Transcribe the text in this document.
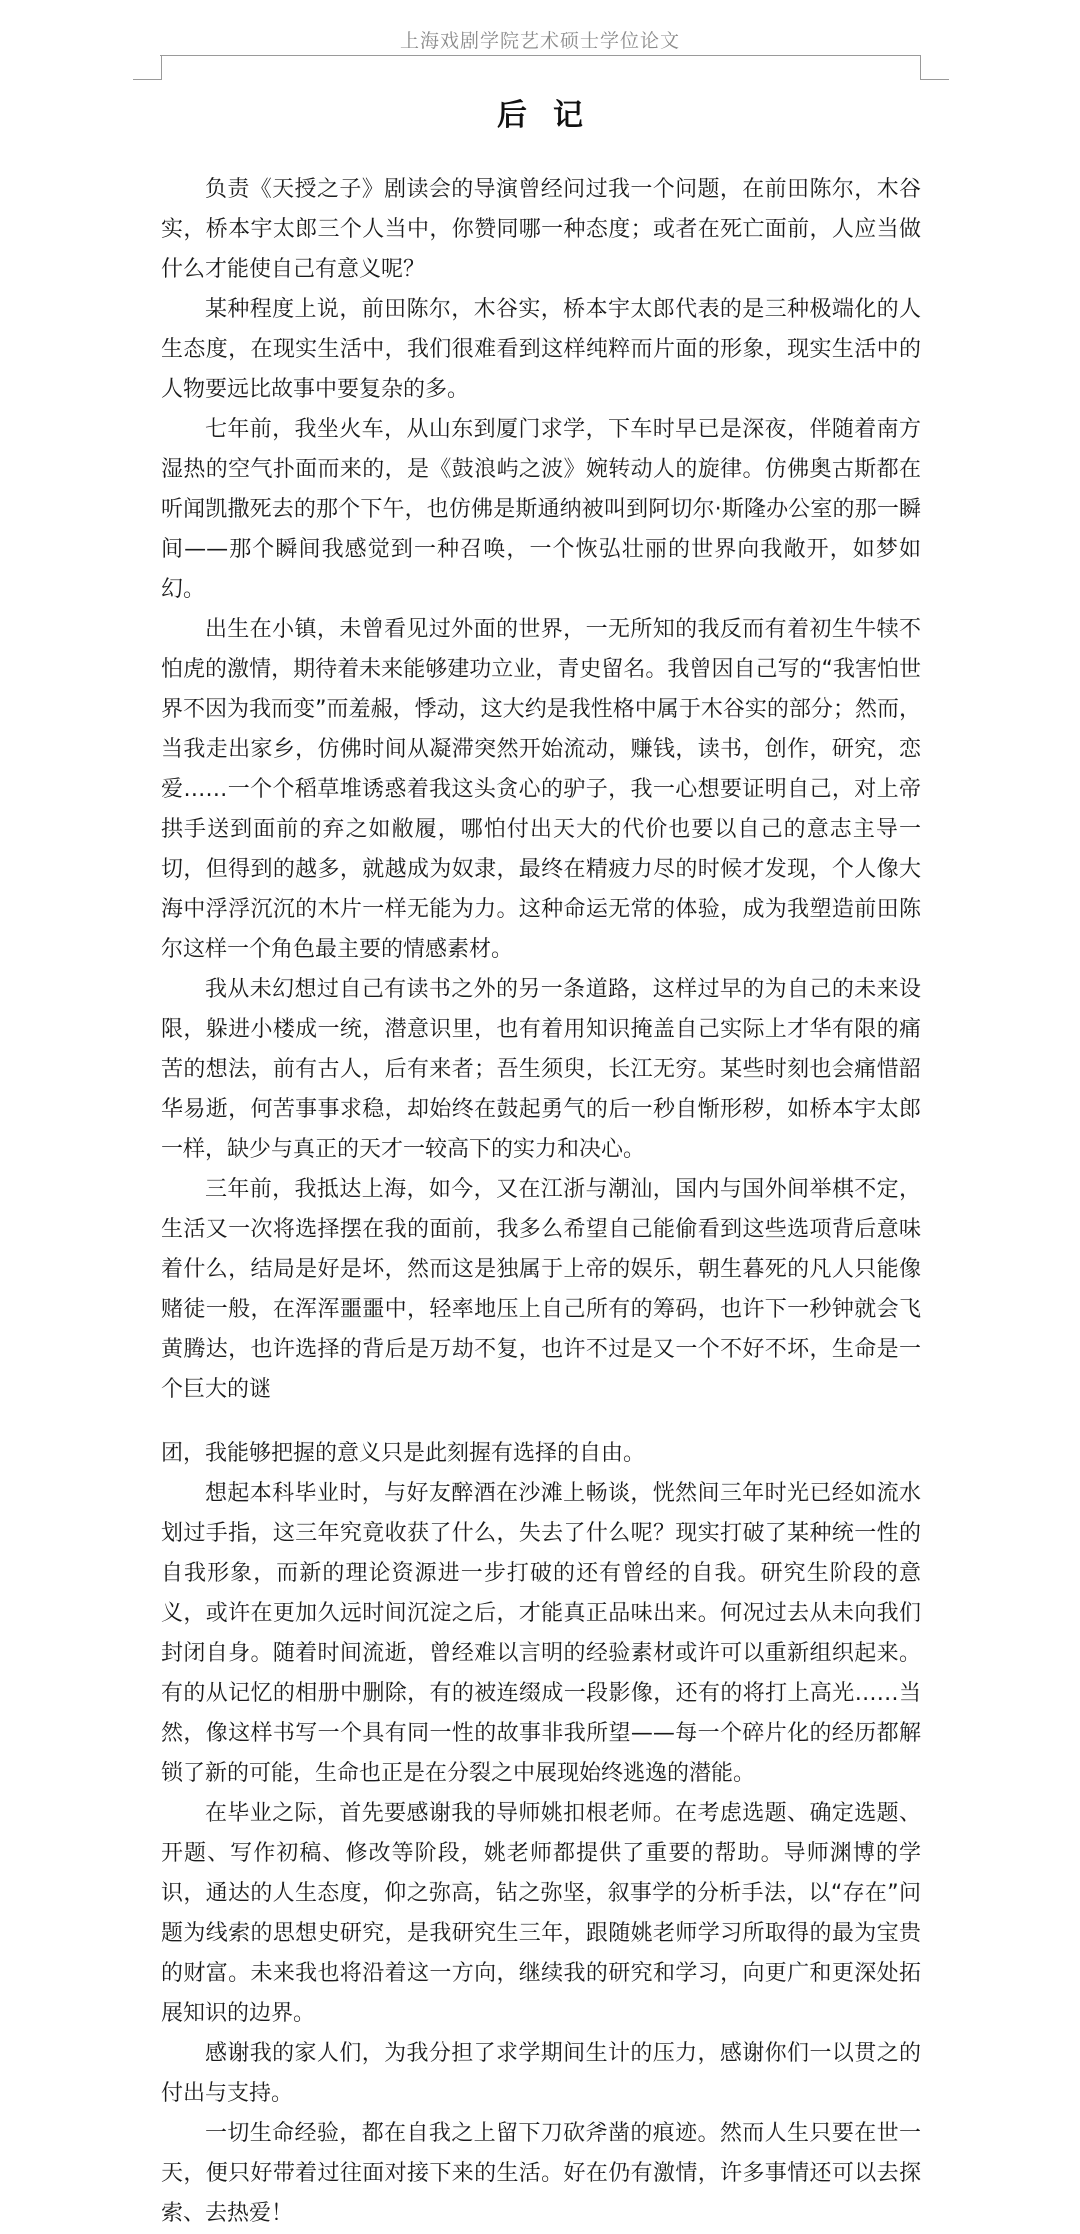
上海戏剧学院艺术硕士学位论文
后记

负责《天授之子》剧读会的导演曾经问过我一个问题，在前田陈尔，木谷实，桥本宇太郎三个人当中，你赞同哪一种态度；或者在死亡面前，人应当做什么才能使自己有意义呢？

某种程度上说，前田陈尔，木谷实，桥本宇太郎代表的是三种极端化的人生态度，在现实生活中，我们很难看到这样纯粹而片面的形象，现实生活中的人物要远比故事中要复杂的多。

七年前，我坐火车，从山东到厦门求学，下车时早已是深夜，伴随着南方湿热的空气扑面而来的，是《鼓浪屿之波》婉转动人的旋律。仿佛奥古斯都在听闻凯撒死去的那个下午，也仿佛是斯通纳被叫到阿切尔·斯隆办公室的那一瞬间——那个瞬间我感觉到一种召唤，一个恢弘壮丽的世界向我敞开，如梦如幻。

出生在小镇，未曾看见过外面的世界，一无所知的我反而有着初生牛犊不怕虎的激情，期待着未来能够建功立业，青史留名。我曾因自己写的“我害怕世界不因为我而变”而羞赧，悸动，这大约是我性格中属于木谷实的部分；然而，当我走出家乡，仿佛时间从凝滞突然开始流动，赚钱，读书，创作，研究，恋爱……一个个稻草堆诱惑着我这头贪心的驴子，我一心想要证明自己，对上帝拱手送到面前的弃之如敝履，哪怕付出天大的代价也要以自己的意志主导一切，但得到的越多，就越成为奴隶，最终在精疲力尽的时候才发现，个人像大海中浮浮沉沉的木片一样无能为力。这种命运无常的体验，成为我塑造前田陈尔这样一个角色最主要的情感素材。

我从未幻想过自己有读书之外的另一条道路，这样过早的为自己的未来设限，躲进小楼成一统，潜意识里，也有着用知识掩盖自己实际上才华有限的痛苦的想法，前有古人，后有来者；吾生须臾，长江无穷。某些时刻也会痛惜韶华易逝，何苦事事求稳，却始终在鼓起勇气的后一秒自惭形秽，如桥本宇太郎一样，缺少与真正的天才一较高下的实力和决心。

三年前，我抵达上海，如今，又在江浙与潮汕，国内与国外间举棋不定，生活又一次将选择摆在我的面前，我多么希望自己能偷看到这些选项背后意味着什么，结局是好是坏，然而这是独属于上帝的娱乐，朝生暮死的凡人只能像赌徒一般，在浑浑噩噩中，轻率地压上自己所有的筹码，也许下一秒钟就会飞黄腾达，也许选择的背后是万劫不复，也许不过是又一个不好不坏，生命是一个巨大的谜

团，我能够把握的意义只是此刻握有选择的自由。

想起本科毕业时，与好友醉酒在沙滩上畅谈，恍然间三年时光已经如流水划过手指，这三年究竟收获了什么，失去了什么呢？现实打破了某种统一性的自我形象，而新的理论资源进一步打破的还有曾经的自我。研究生阶段的意义，或许在更加久远时间沉淀之后，才能真正品味出来。何况过去从未向我们封闭自身。随着时间流逝，曾经难以言明的经验素材或许可以重新组织起来。有的从记忆的相册中删除，有的被连缀成一段影像，还有的将打上高光……当然，像这样书写一个具有同一性的故事非我所望——每一个碎片化的经历都解锁了新的可能，生命也正是在分裂之中展现始终逃逸的潜能。

在毕业之际，首先要感谢我的导师姚扣根老师。在考虑选题、确定选题、开题、写作初稿、修改等阶段，姚老师都提供了重要的帮助。导师渊博的学识，通达的人生态度，仰之弥高，钻之弥坚，叙事学的分析手法，以“存在”问题为线索的思想史研究，是我研究生三年，跟随姚老师学习所取得的最为宝贵的财富。未来我也将沿着这一方向，继续我的研究和学习，向更广和更深处拓展知识的边界。

感谢我的家人们，为我分担了求学期间生计的压力，感谢你们一以贯之的付出与支持。

一切生命经验，都在自我之上留下刀砍斧凿的痕迹。然而人生只要在世一天，便只好带着过往面对接下来的生活。好在仍有激情，许多事情还可以去探索、去热爱！
